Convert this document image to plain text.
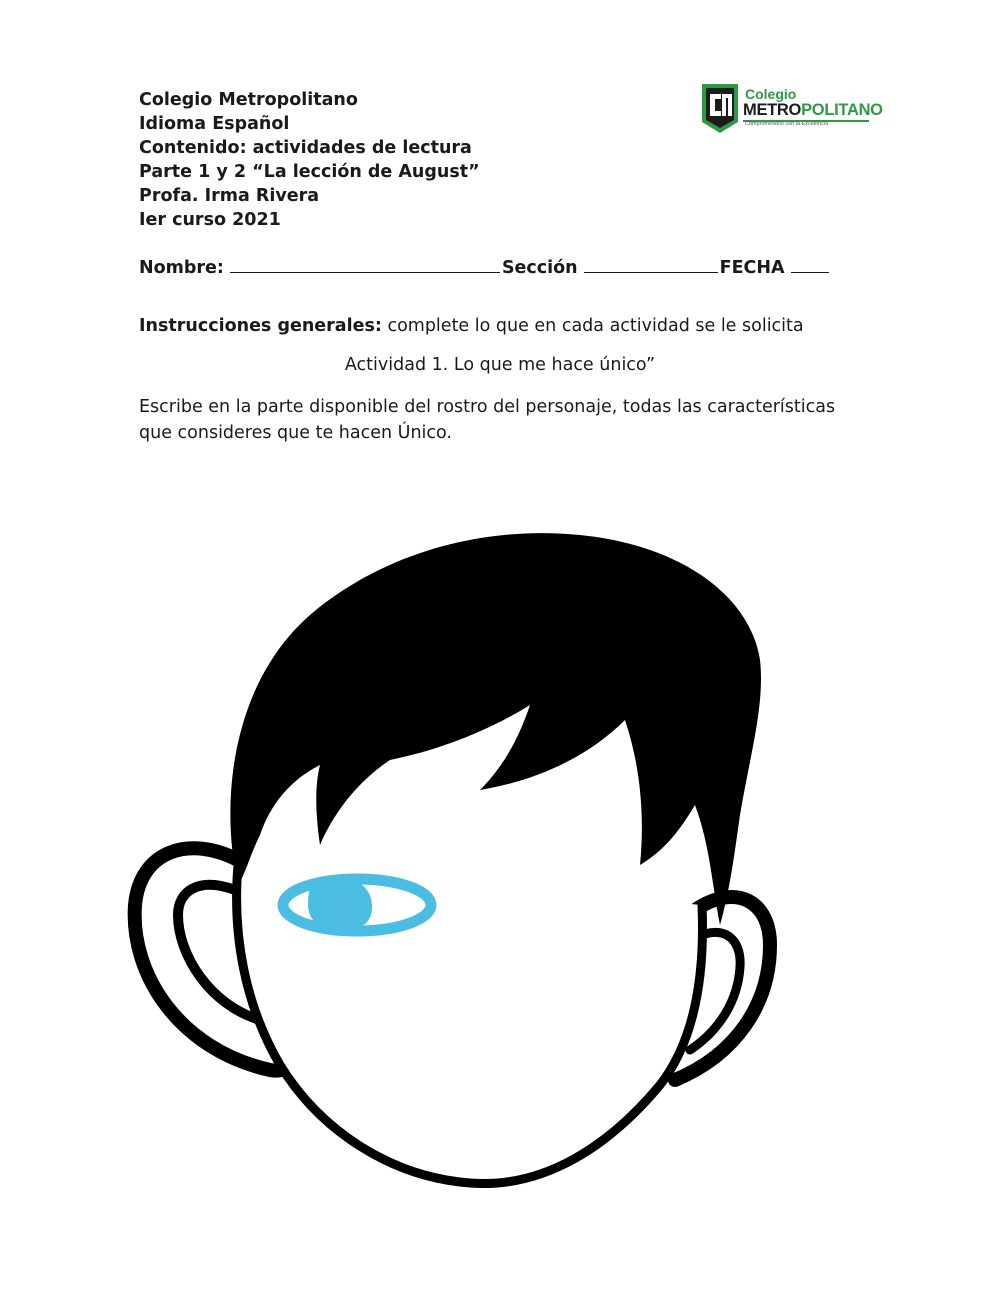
Colegio Metropolitano
Idioma Español
Contenido: actividades de lectura
Parte 1 y 2 “La lección de August”
Profa. Irma Rivera
Ier curso 2021
Colegio
METROPOLITANO
Comprometidos con la Excelencia
Nombre:	Sección	FECHA
Instrucciones generales: complete lo que en cada actividad se le solicita
Actividad 1. Lo que me hace único”
Escribe en la parte disponible del rostro del personaje, todas las características que consideres que te hacen Único.
